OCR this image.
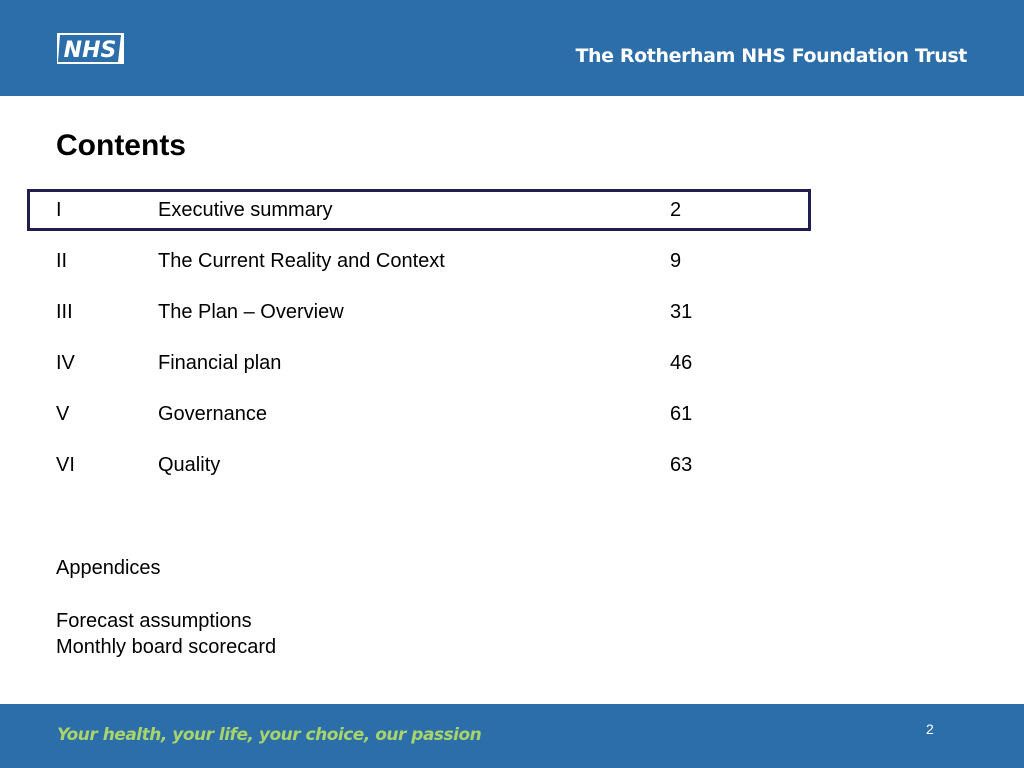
NHS	The Rotherham NHS Foundation Trust
Contents
I	Executive summary	2
II	The Current Reality and Context	9
III	The Plan – Overview	31
IV	Financial plan	46
V	Governance	61
VI	Quality	63
Appendices
Forecast assumptions
Monthly board scorecard
Your health, your life, your choice, our passion	2
